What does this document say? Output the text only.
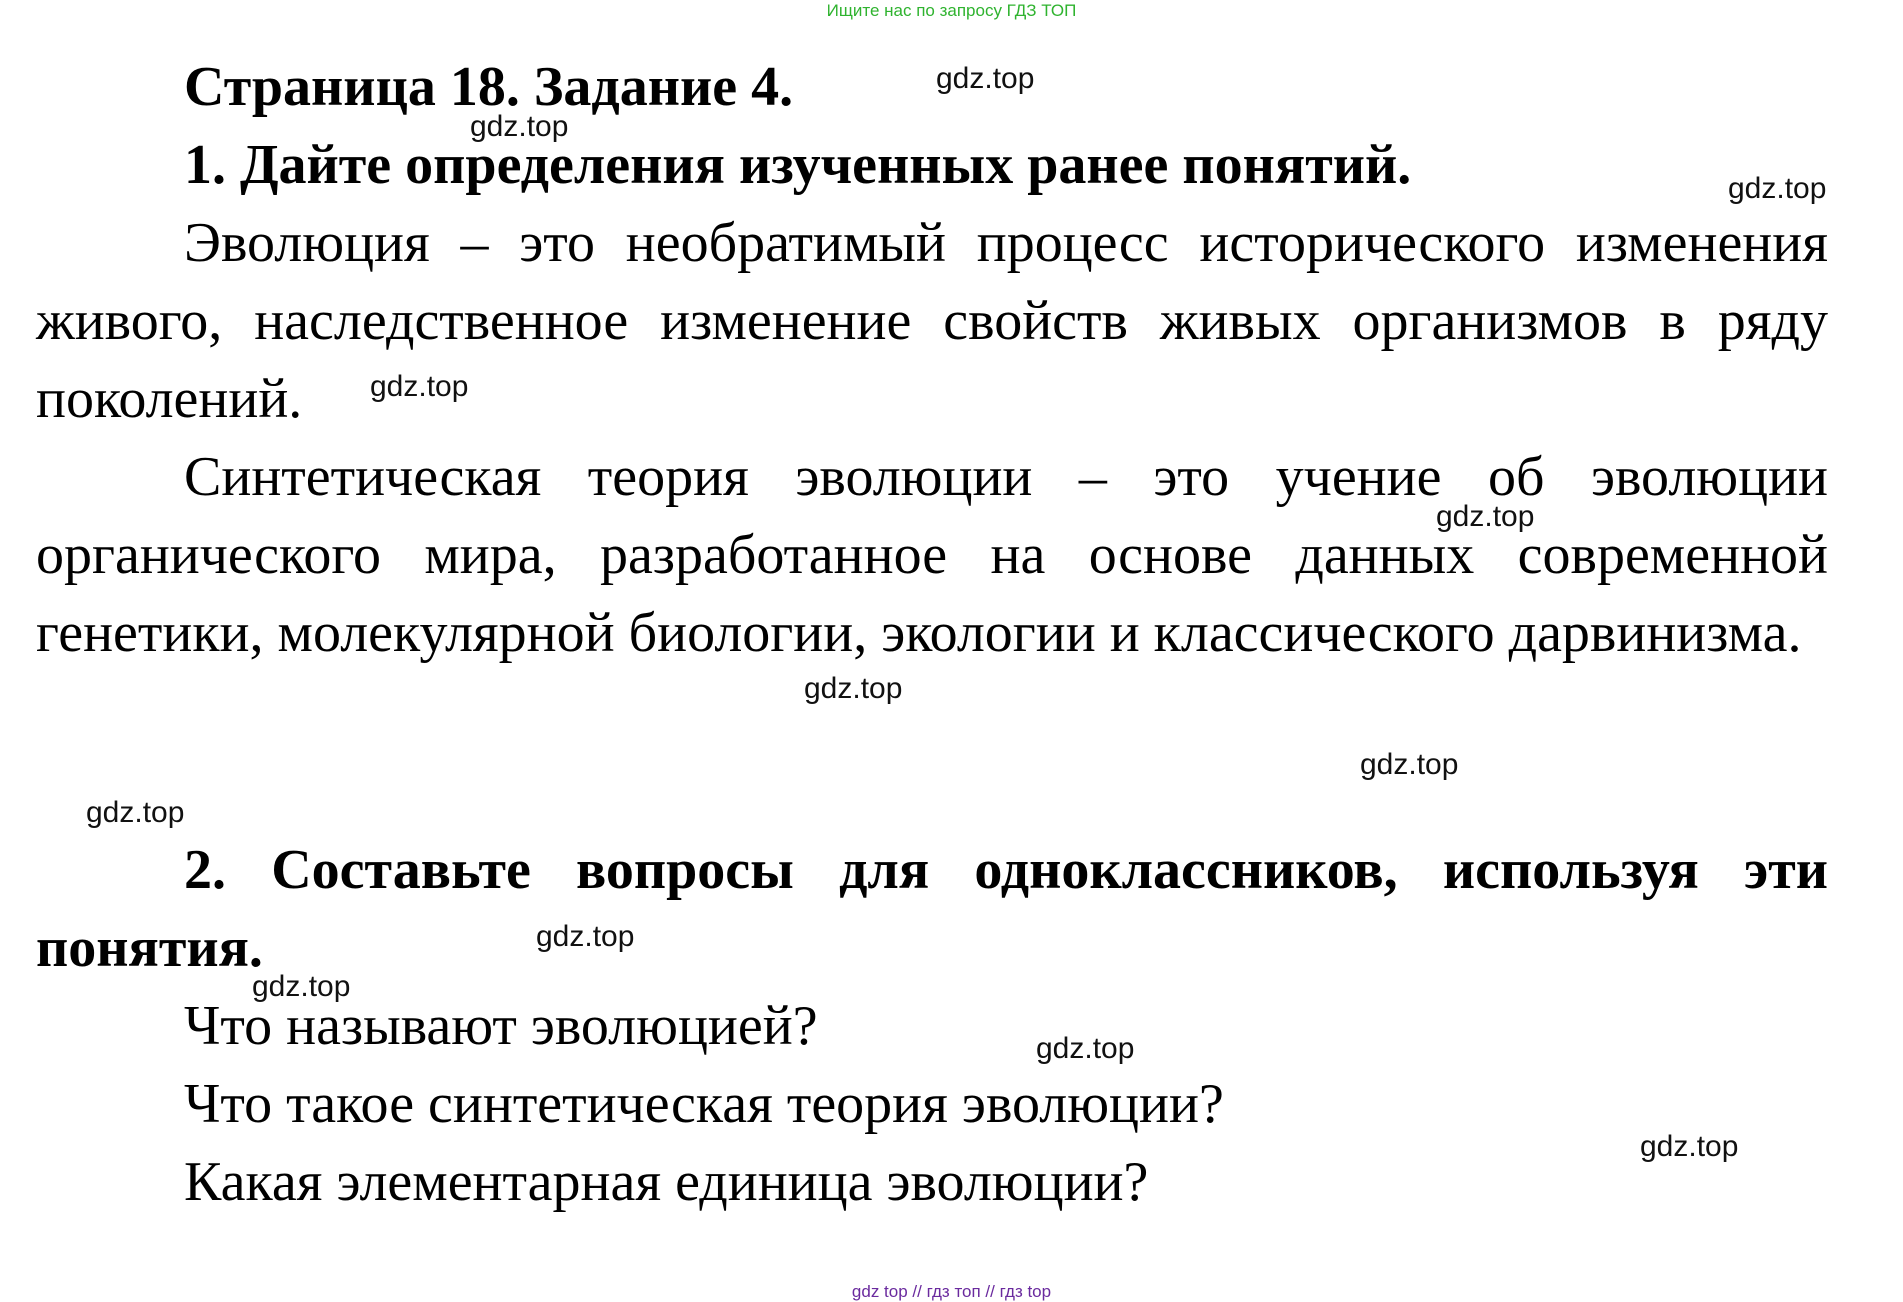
Ищите нас по запросу ГДЗ ТОП
Страница 18. Задание 4.

1. Дайте определения изученных ранее понятий.

Эволюция – это необратимый процесс исторического изменения живого, наследственное изменение свойств живых организмов в ряду поколений.

Синтетическая теория эволюции – это учение об эволюции органического мира, разработанное на основе данных современной генетики, молекулярной биологии, экологии и классического дарвинизма.

2. Составьте вопросы для одноклассников, используя эти понятия.

Что называют эволюцией?

Что такое синтетическая теория эволюции?

Какая элементарная единица эволюции?

gdz.top
gdz.top
gdz.top
gdz.top
gdz.top
gdz.top
gdz.top
gdz.top
gdz.top
gdz.top
gdz.top
gdz.top
gdz top // гдз топ // гдз top
